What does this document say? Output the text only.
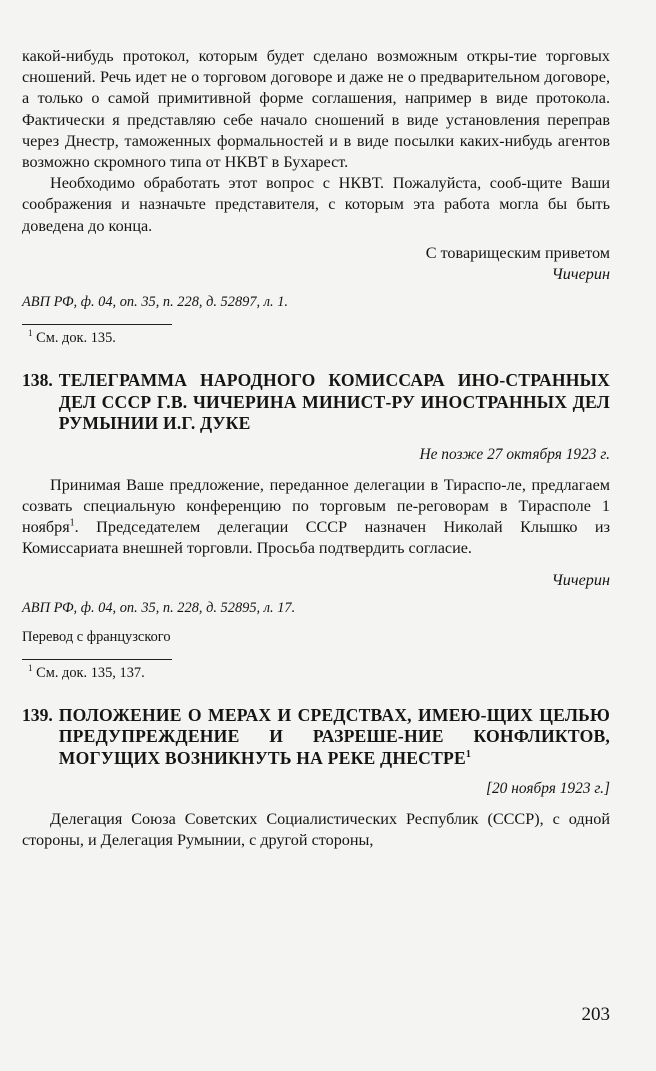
какой-нибудь протокол, которым будет сделано возможным откры-тие торговых сношений. Речь идет не о торговом договоре и даже не о предварительном договоре, а только о самой примитивной форме соглашения, например в виде протокола. Фактически я представляю себе начало сношений в виде установления переправ через Днестр, таможенных формальностей и в виде посылки каких-нибудь агентов возможно скромного типа от НКВТ в Бухарест.

Необходимо обработать этот вопрос с НКВТ. Пожалуйста, сооб-щите Ваши соображения и назначьте представителя, с которым эта работа могла бы быть доведена до конца.

С товарищеским приветом

Чичерин

АВП РФ, ф. 04, оп. 35, п. 228, д. 52897, л. 1.

$^1$ См. док. 135.

138. ТЕЛЕГРАММА НАРОДНОГО КОМИССАРА ИНО-СТРАННЫХ ДЕЛ СССР Г.В. ЧИЧЕРИНА МИНИСТ-РУ ИНОСТРАННЫХ ДЕЛ РУМЫНИИ И.Г. ДУКЕ

Не позже 27 октября 1923 г.

Принимая Ваше предложение, переданное делегации в Тираспо-ле, предлагаем созвать специальную конференцию по торговым пе-реговорам в Тирасполе 1 ноября$^1$. Председателем делегации СССР назначен Николай Клышко из Комиссариата внешней торговли. Просьба подтвердить согласие.

Чичерин

АВП РФ, ф. 04, оп. 35, п. 228, д. 52895, л. 17.

Перевод с французского

$^1$ См. док. 135, 137.

139. ПОЛОЖЕНИЕ О МЕРАХ И СРЕДСТВАХ, ИМЕЮ-ЩИХ ЦЕЛЬЮ ПРЕДУПРЕЖДЕНИЕ И РАЗРЕШЕ-НИЕ КОНФЛИКТОВ, МОГУЩИХ ВОЗНИКНУТЬ НА РЕКЕ ДНЕСТРЕ$^1$

[20 ноября 1923 г.]

Делегация Союза Советских Социалистических Республик (СССР), с одной стороны, и Делегация Румынии, с другой стороны,

203
